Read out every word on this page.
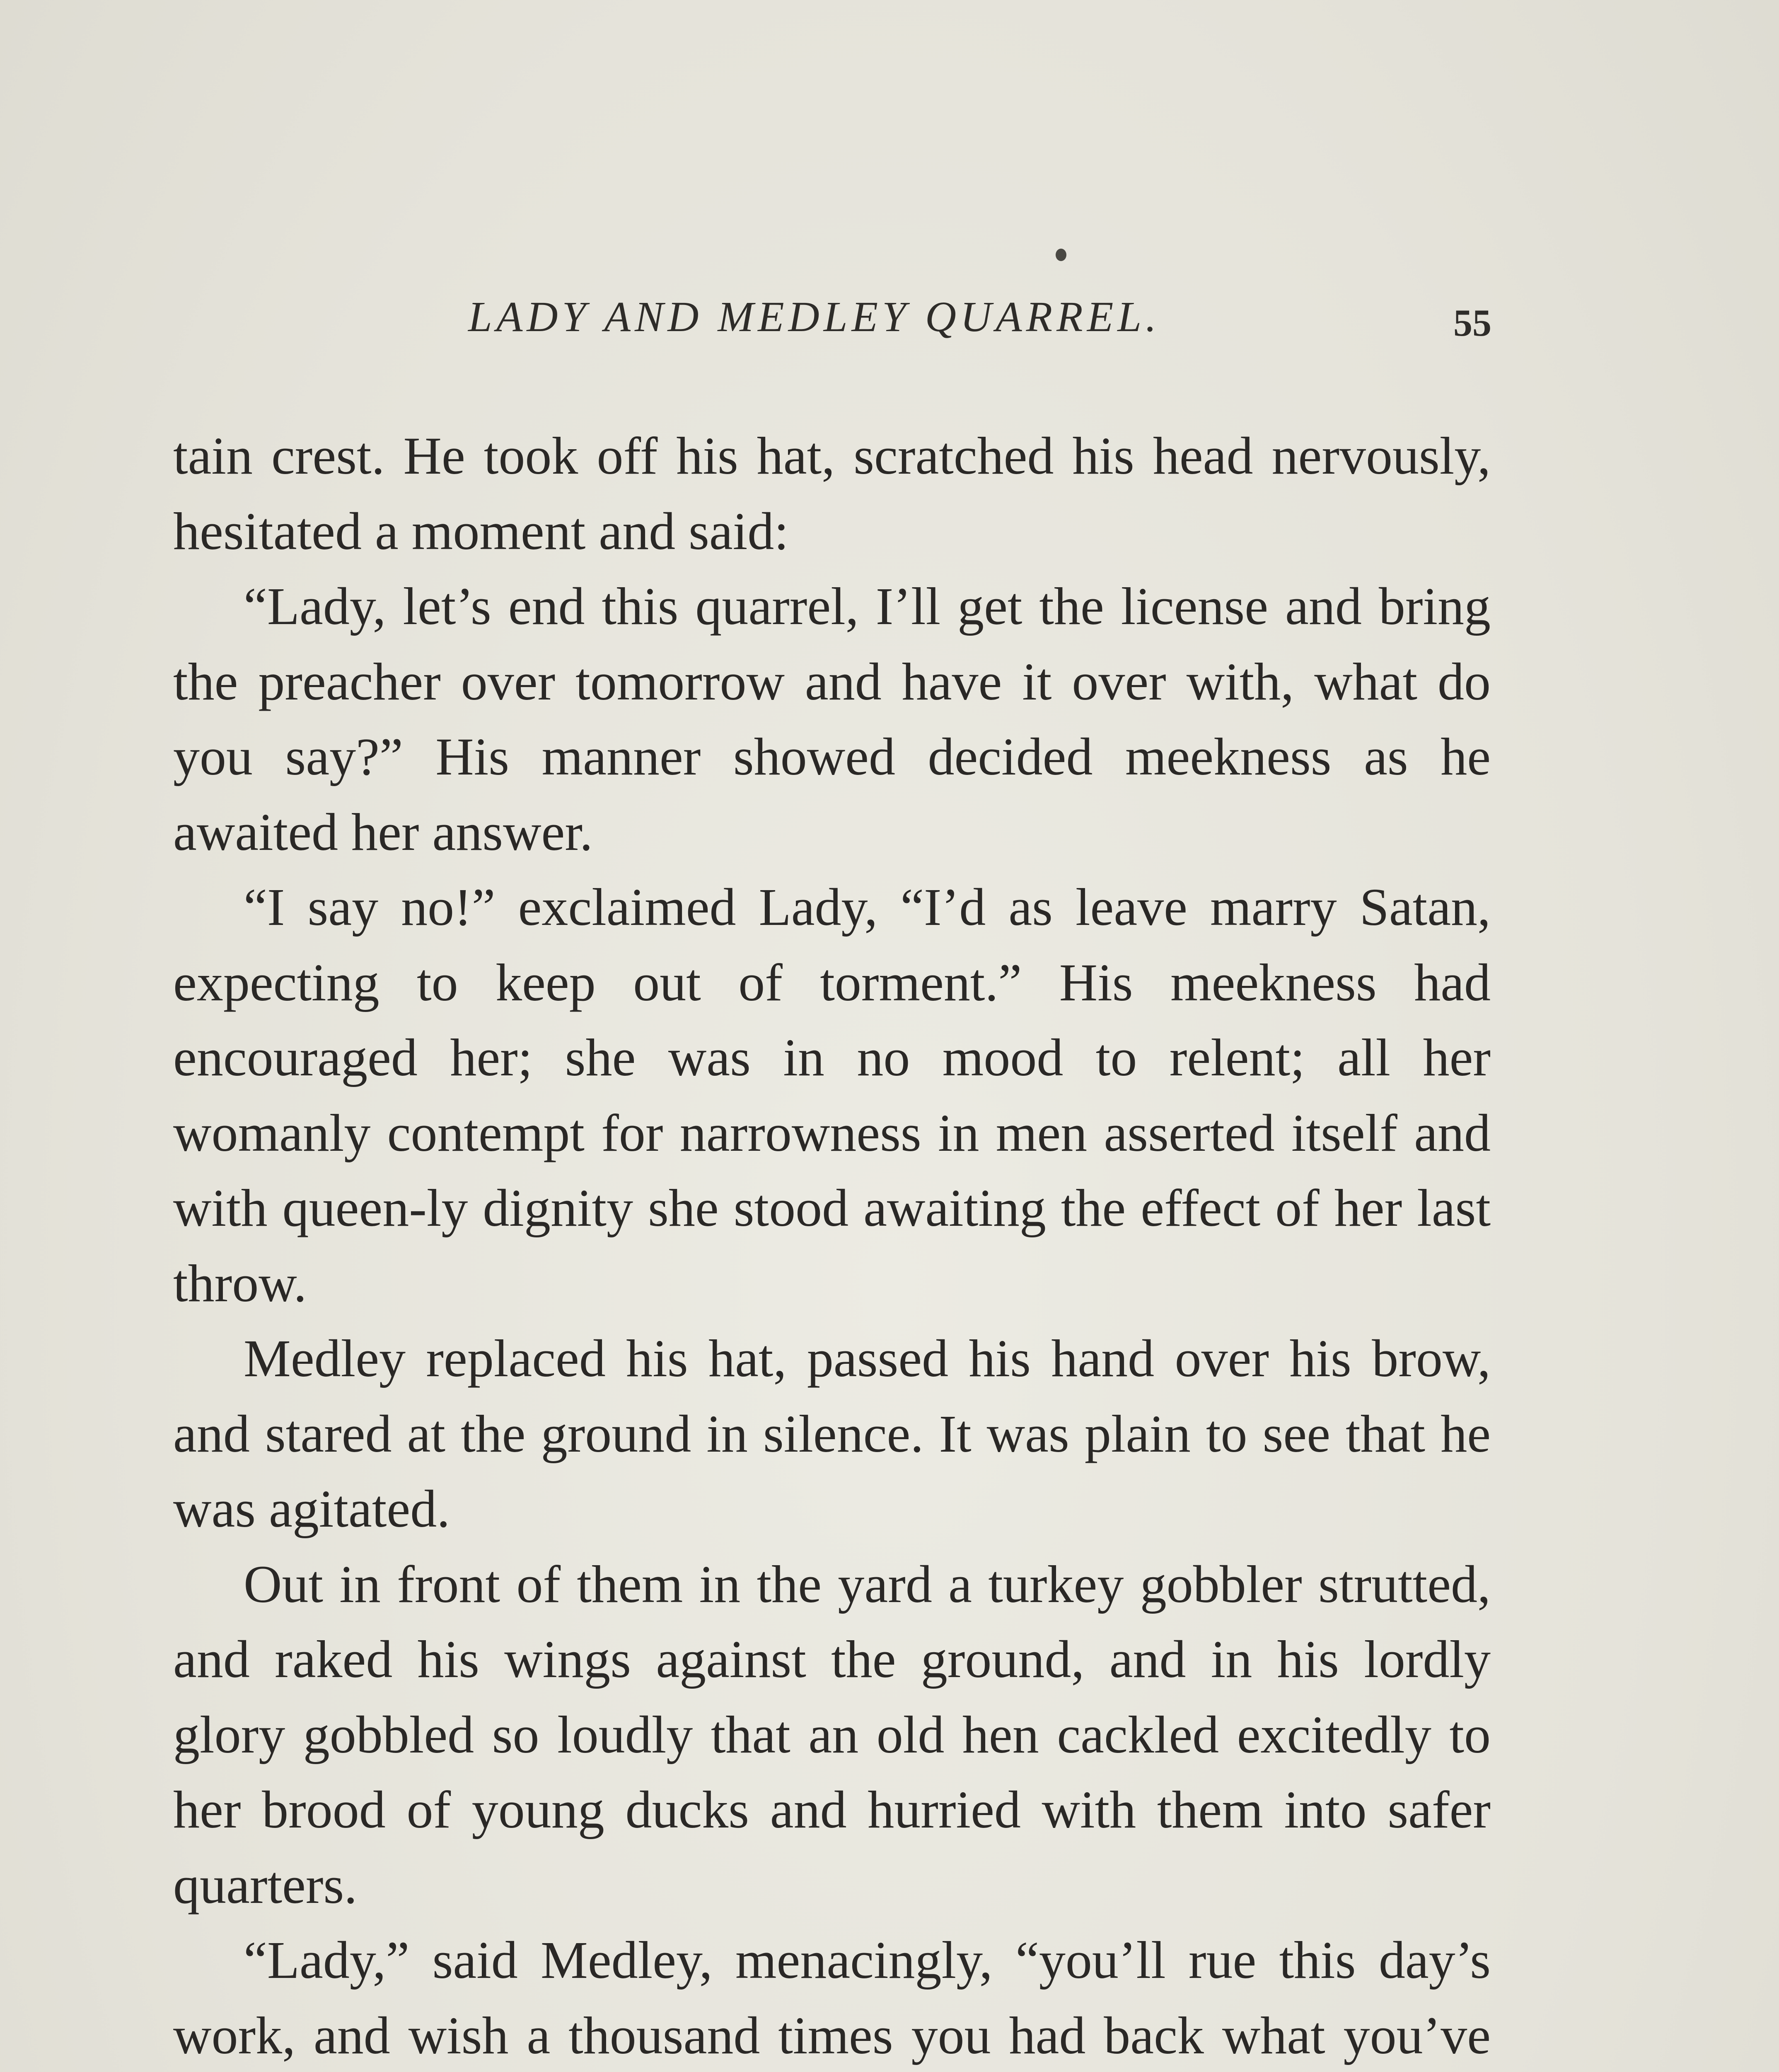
LADY AND MEDLEY QUARREL.	55

tain crest. He took off his hat, scratched his head nervously, hesitated a moment and said:

“Lady, let’s end this quarrel, I’ll get the license and bring the preacher over tomorrow and have it over with, what do you say?” His manner showed decided meekness as he awaited her answer.

“I say no!” exclaimed Lady, “I’d as leave marry Satan, expecting to keep out of torment.” His meekness had encouraged her; she was in no mood to relent; all her womanly contempt for narrowness in men asserted itself and with queen-ly dignity she stood awaiting the effect of her last throw.

Medley replaced his hat, passed his hand over his brow, and stared at the ground in silence. It was plain to see that he was agitated.

Out in front of them in the yard a turkey gobbler strutted, and raked his wings against the ground, and in his lordly glory gobbled so loudly that an old hen cackled excitedly to her brood of young ducks and hurried with them into safer quarters.

“Lady,” said Medley, menacingly, “you’ll rue this day’s work, and wish a thousand times you had back what you’ve
